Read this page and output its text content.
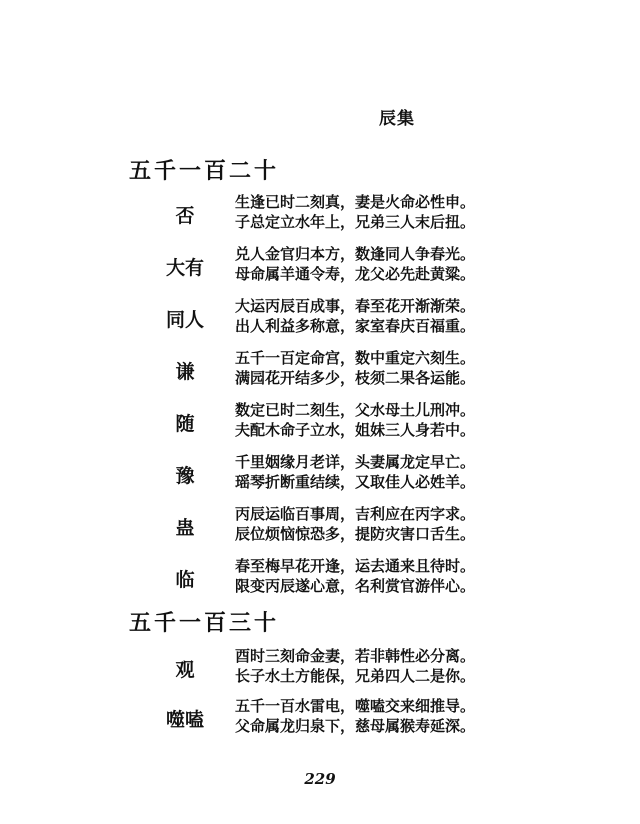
辰集
五千一百二十
否
生逢已时二刻真，妻是火命必性申。
子总定立水年上，兄弟三人末后扭。
大有
兑人金官归本方，数逢同人争春光。
母命属羊通令寿，龙父必先赴黄粱。
同人
大运丙辰百成事，春至花开渐渐荣。
出人利益多称意，家室春庆百福重。
谦
五千一百定命宫，数中重定六刻生。
满园花开结多少，枝须二果各运能。
随
数定已时二刻生，父水母土儿刑冲。
夫配木命子立水，姐妹三人身若中。
豫
千里姻缘月老详，头妻属龙定早亡。
瑶琴折断重结续，又取佳人必姓羊。
蛊
丙辰运临百事周，吉利应在丙字求。
辰位烦恼惊恐多，提防灾害口舌生。
临
春至梅早花开逢，运去通来且待时。
限变丙辰遂心意，名利赏官游伴心。
五千一百三十
观
酉时三刻命金妻，若非韩性必分离。
长子水土方能保，兄弟四人二是你。
噬嗑
五千一百水雷电，噬嗑交来细推导。
父命属龙归泉下，慈母属猴寿延深。
229
